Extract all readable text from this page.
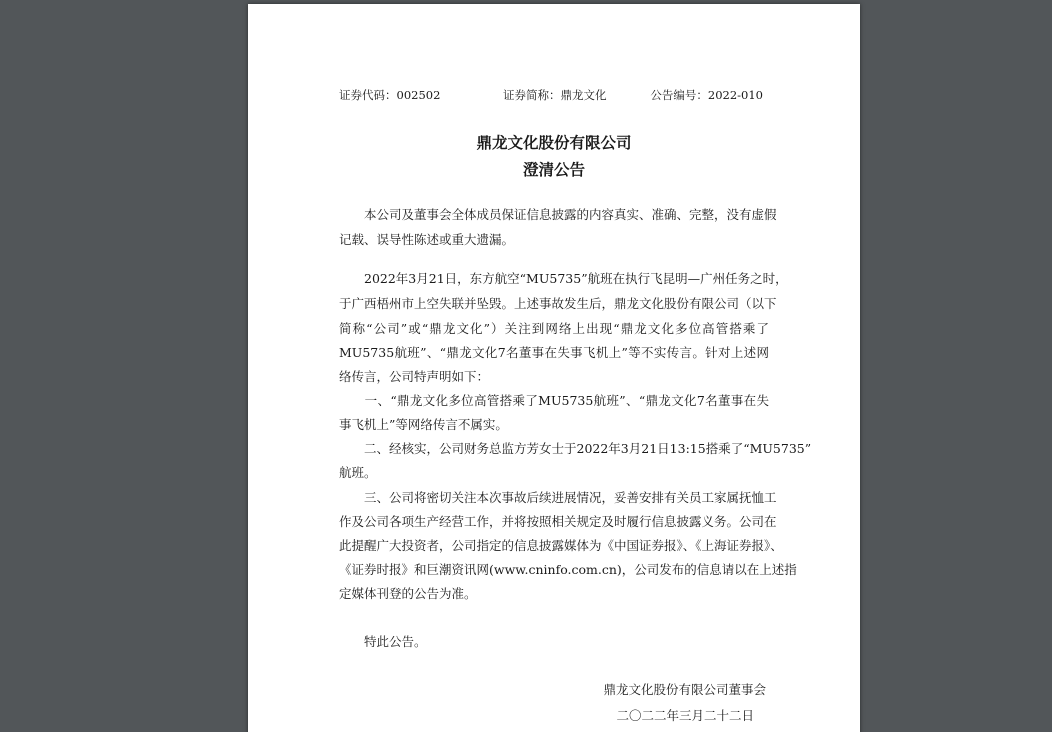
证券代码：002502	证券简称：鼎龙文化	公告编号：2022-010
鼎龙文化股份有限公司
澄清公告
　　本公司及董事会全体成员保证信息披露的内容真实、准确、完整，没有虚假
记载、误导性陈述或重大遗漏。
　　2022年3月21日，东方航空“MU5735”航班在执行飞昆明—广州任务之时，
于广西梧州市上空失联并坠毁。上述事故发生后，鼎龙文化股份有限公司（以下
简称“公司”或“鼎龙文化”）关注到网络上出现“鼎龙文化多位高管搭乘了
MU5735航班”、“鼎龙文化7名董事在失事飞机上”等不实传言。针对上述网
络传言，公司特声明如下：
　　一、“鼎龙文化多位高管搭乘了MU5735航班”、“鼎龙文化7名董事在失
事飞机上”等网络传言不属实。
　　二、经核实，公司财务总监方芳女士于2022年3月21日13:15搭乘了“MU5735”
航班。
　　三、公司将密切关注本次事故后续进展情况，妥善安排有关员工家属抚恤工
作及公司各项生产经营工作，并将按照相关规定及时履行信息披露义务。公司在
此提醒广大投资者，公司指定的信息披露媒体为《中国证券报》、《上海证券报》、
《证券时报》和巨潮资讯网(www.cninfo.com.cn)，公司发布的信息请以在上述指
定媒体刊登的公告为准。
　　特此公告。
鼎龙文化股份有限公司董事会
二〇二二年三月二十二日
